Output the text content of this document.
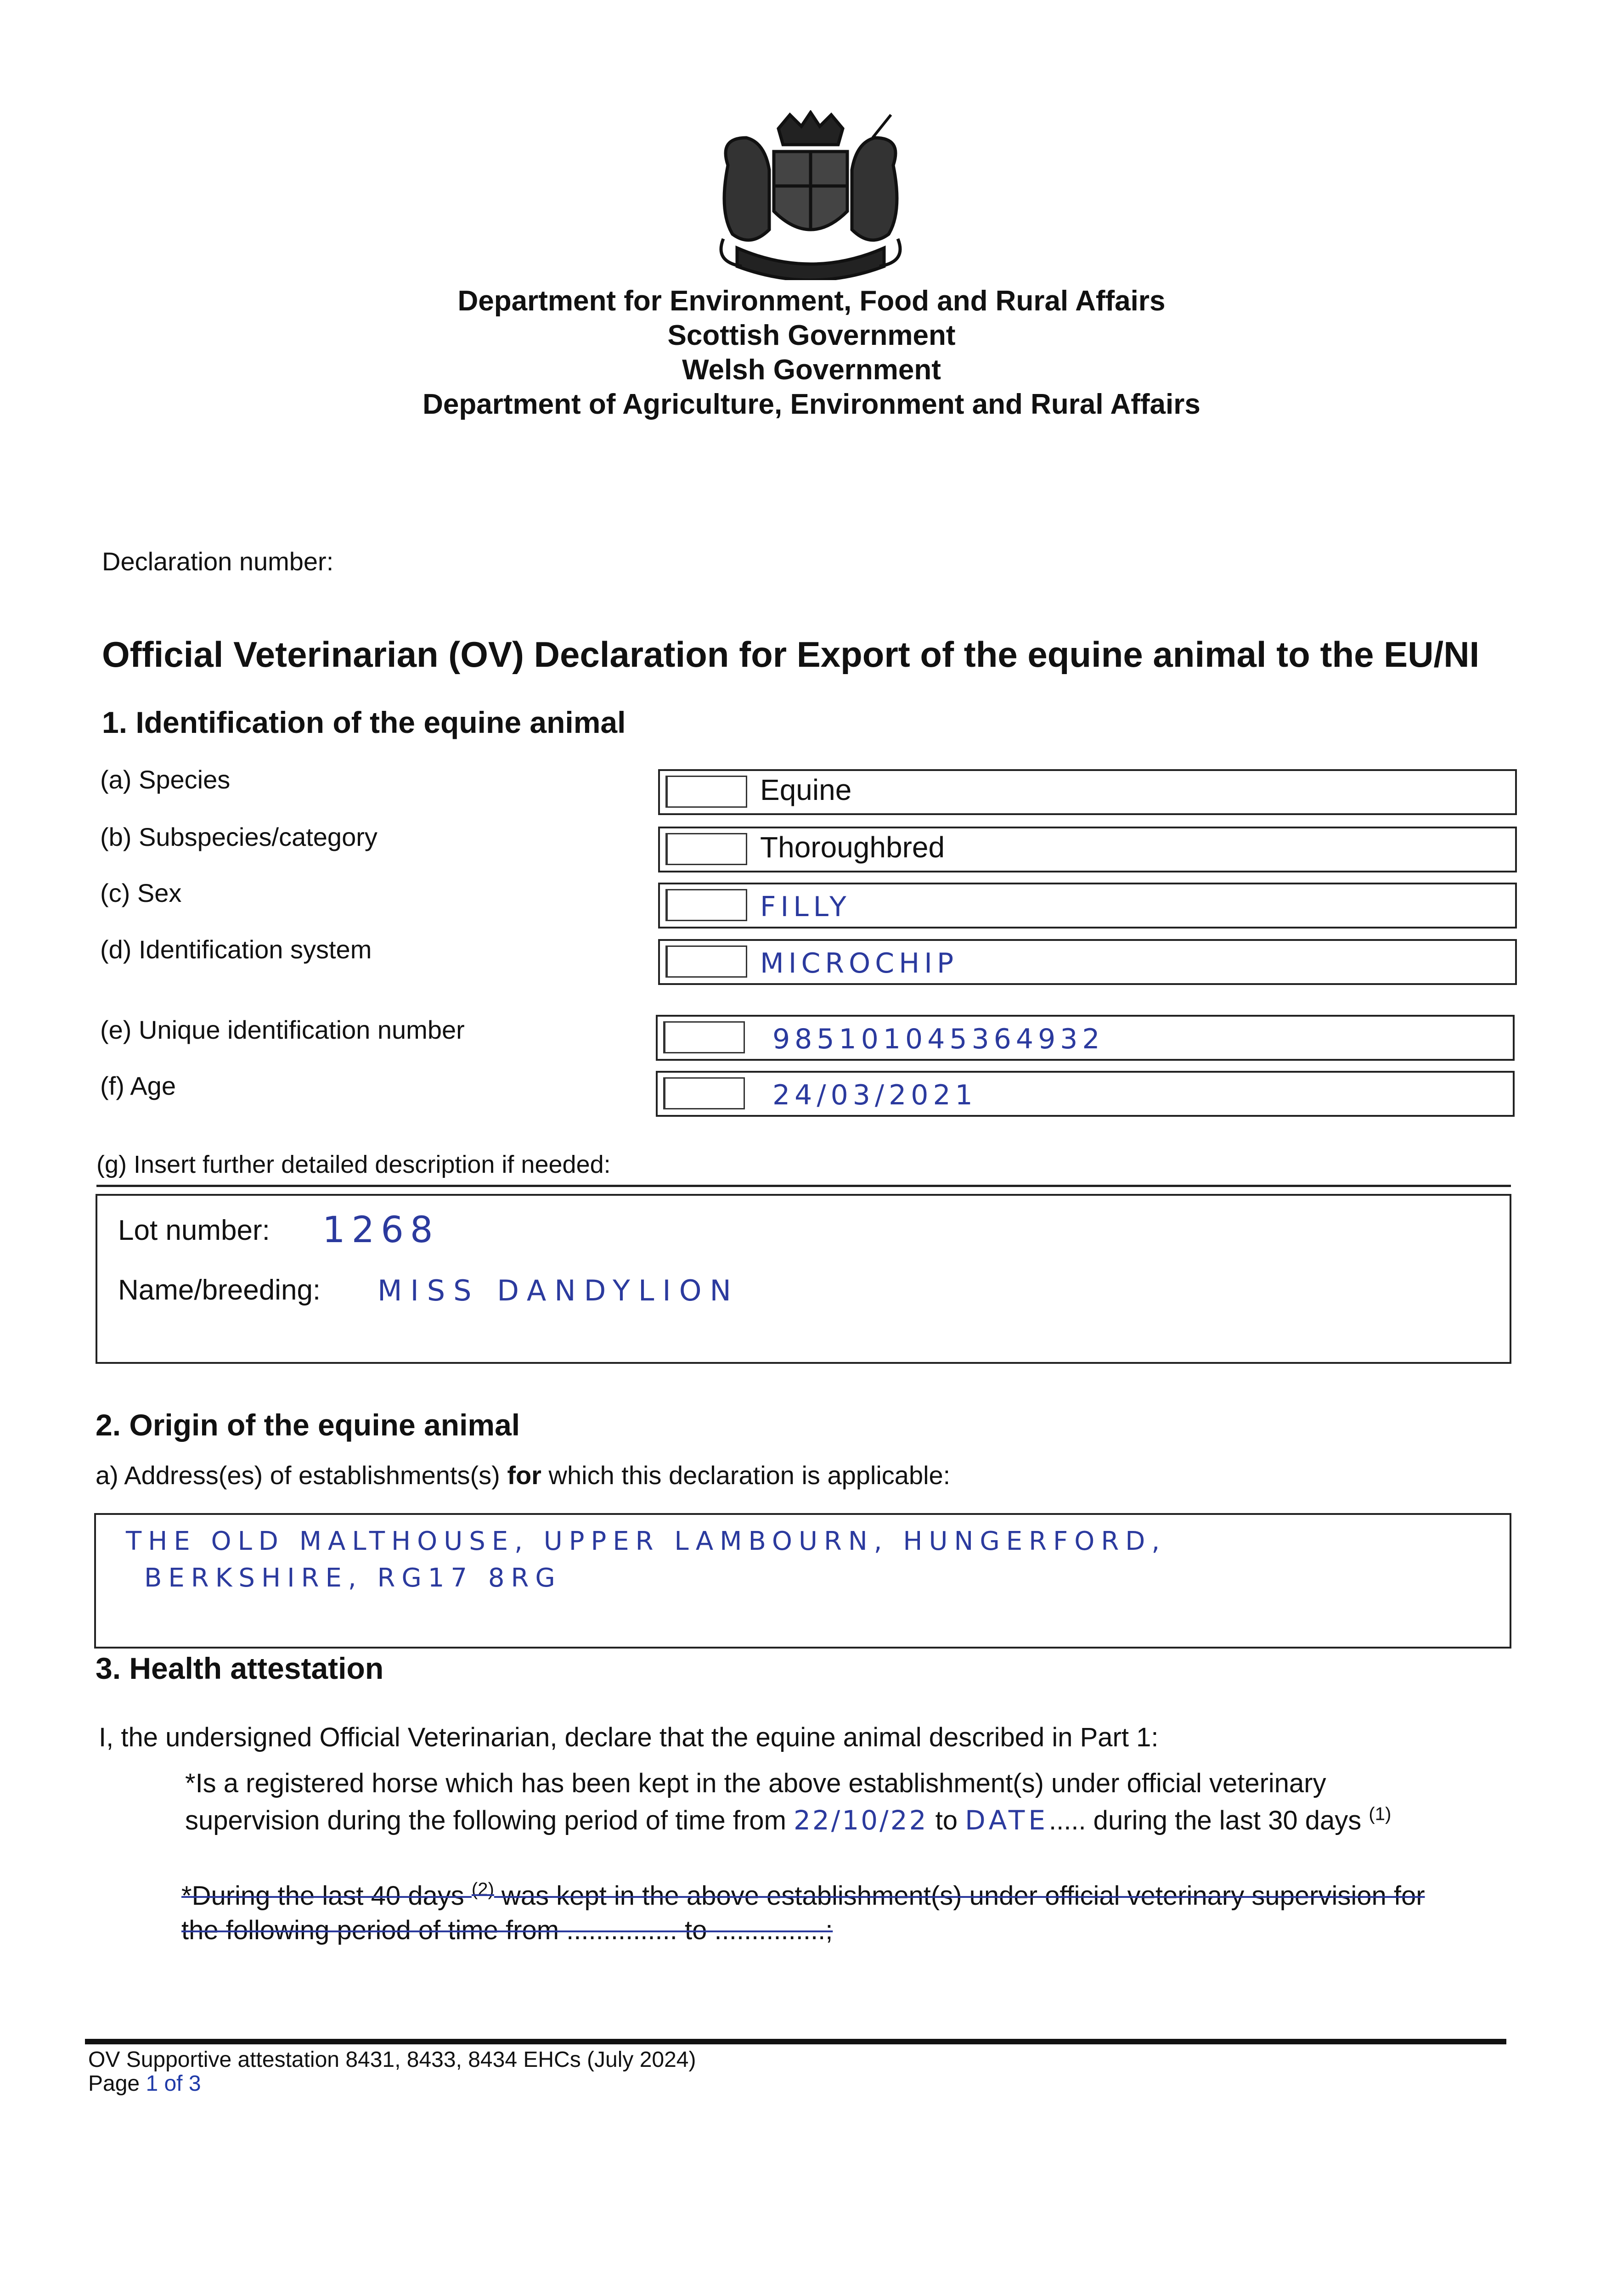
Department for Environment, Food and Rural Affairs
Scottish Government
Welsh Government
Department of Agriculture, Environment and Rural Affairs
Declaration number:
Official Veterinarian (OV) Declaration for Export of the equine animal to the EU/NI
1. Identification of the equine animal
(a) Species	Equine
(b) Subspecies/category	Thoroughbred
(c) Sex	FILLY
(d) Identification system	MICROCHIP
(e) Unique identification number	985101045364932
(f) Age	24/03/2021
(g) Insert further detailed description if needed:
Lot number: 1268
Name/breeding: MISS DANDYLION
2. Origin of the equine animal
a) Address(es) of establishments(s) for which this declaration is applicable:
THE OLD MALTHOUSE, UPPER LAMBOURN, HUNGERFORD,
BERKSHIRE, RG17 8RG
3. Health attestation
I, the undersigned Official Veterinarian, declare that the equine animal described in Part 1:
*Is a registered horse which has been kept in the above establishment(s) under official veterinary
supervision during the following period of time from 22/10/22 to DATE..... during the last 30 days $^{(1)}$
*During the last 40 days $^{(2)}$ was kept in the above establishment(s) under official veterinary supervision for
the following period of time from ............... to ...............;
OV Supportive attestation 8431, 8433, 8434 EHCs (July 2024)
Page 1 of 3
